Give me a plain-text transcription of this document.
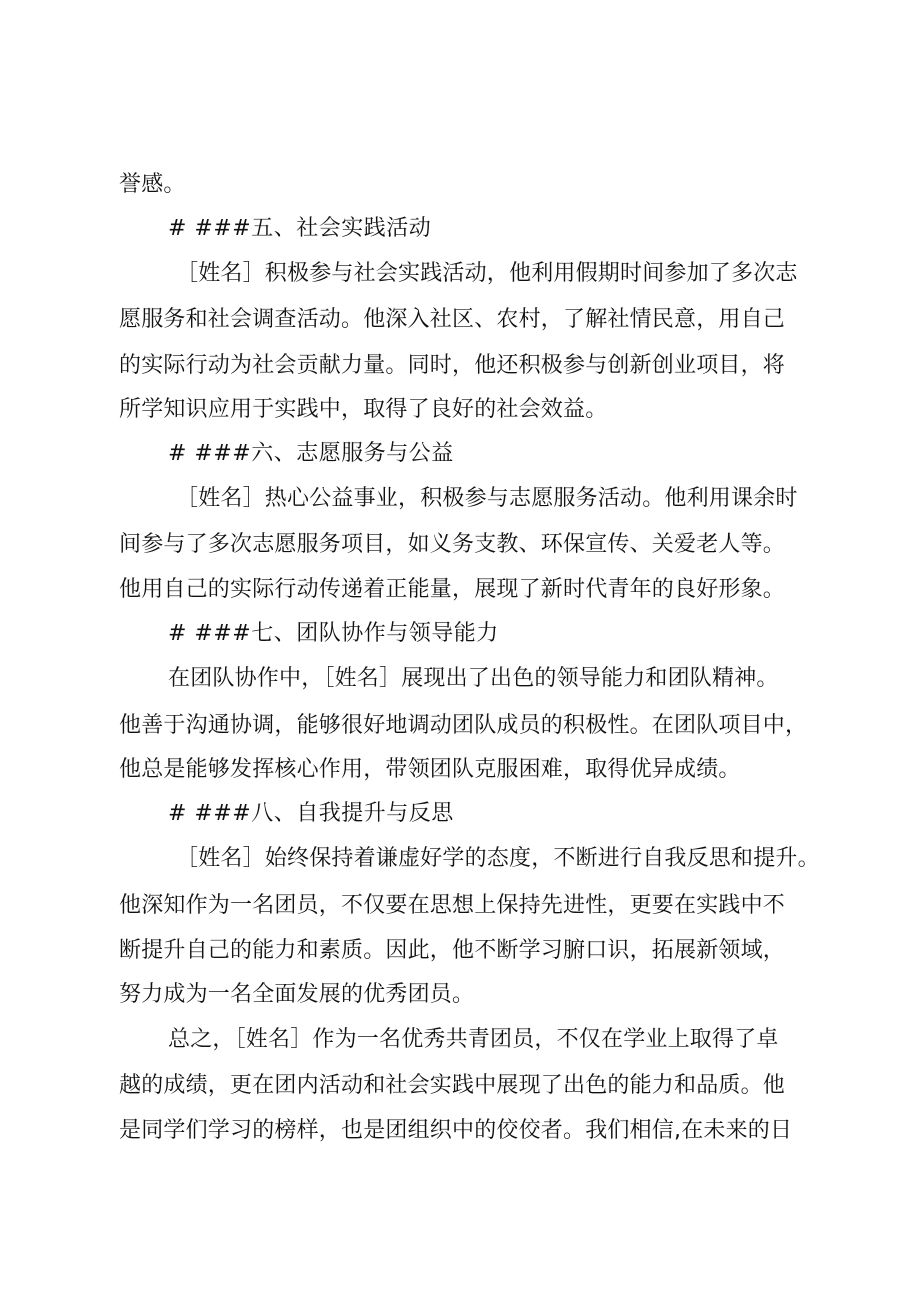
誉感。
# ###五、社会实践活动
［姓名］积极参与社会实践活动，他利用假期时间参加了多次志
愿服务和社会调查活动。他深入社区、农村，了解社情民意，用自己
的实际行动为社会贡献力量。同时，他还积极参与创新创业项目，将
所学知识应用于实践中，取得了良好的社会效益。
# ###六、志愿服务与公益
［姓名］热心公益事业，积极参与志愿服务活动。他利用课余时
间参与了多次志愿服务项目，如义务支教、环保宣传、关爱老人等。
他用自己的实际行动传递着正能量，展现了新时代青年的良好形象。
# ###七、团队协作与领导能力
在团队协作中，［姓名］展现出了出色的领导能力和团队精神。
他善于沟通协调，能够很好地调动团队成员的积极性。在团队项目中，
他总是能够发挥核心作用，带领团队克服困难，取得优异成绩。
# ###八、自我提升与反思
［姓名］始终保持着谦虚好学的态度，不断进行自我反思和提升。
他深知作为一名团员，不仅要在思想上保持先进性，更要在实践中不
断提升自己的能力和素质。因此，他不断学习腑口识，拓展新领域，
努力成为一名全面发展的优秀团员。
总之，［姓名］作为一名优秀共青团员，不仅在学业上取得了卓
越的成绩，更在团内活动和社会实践中展现了出色的能力和品质。他
是同学们学习的榜样，也是团组织中的佼佼者。我们相信,在未来的日
